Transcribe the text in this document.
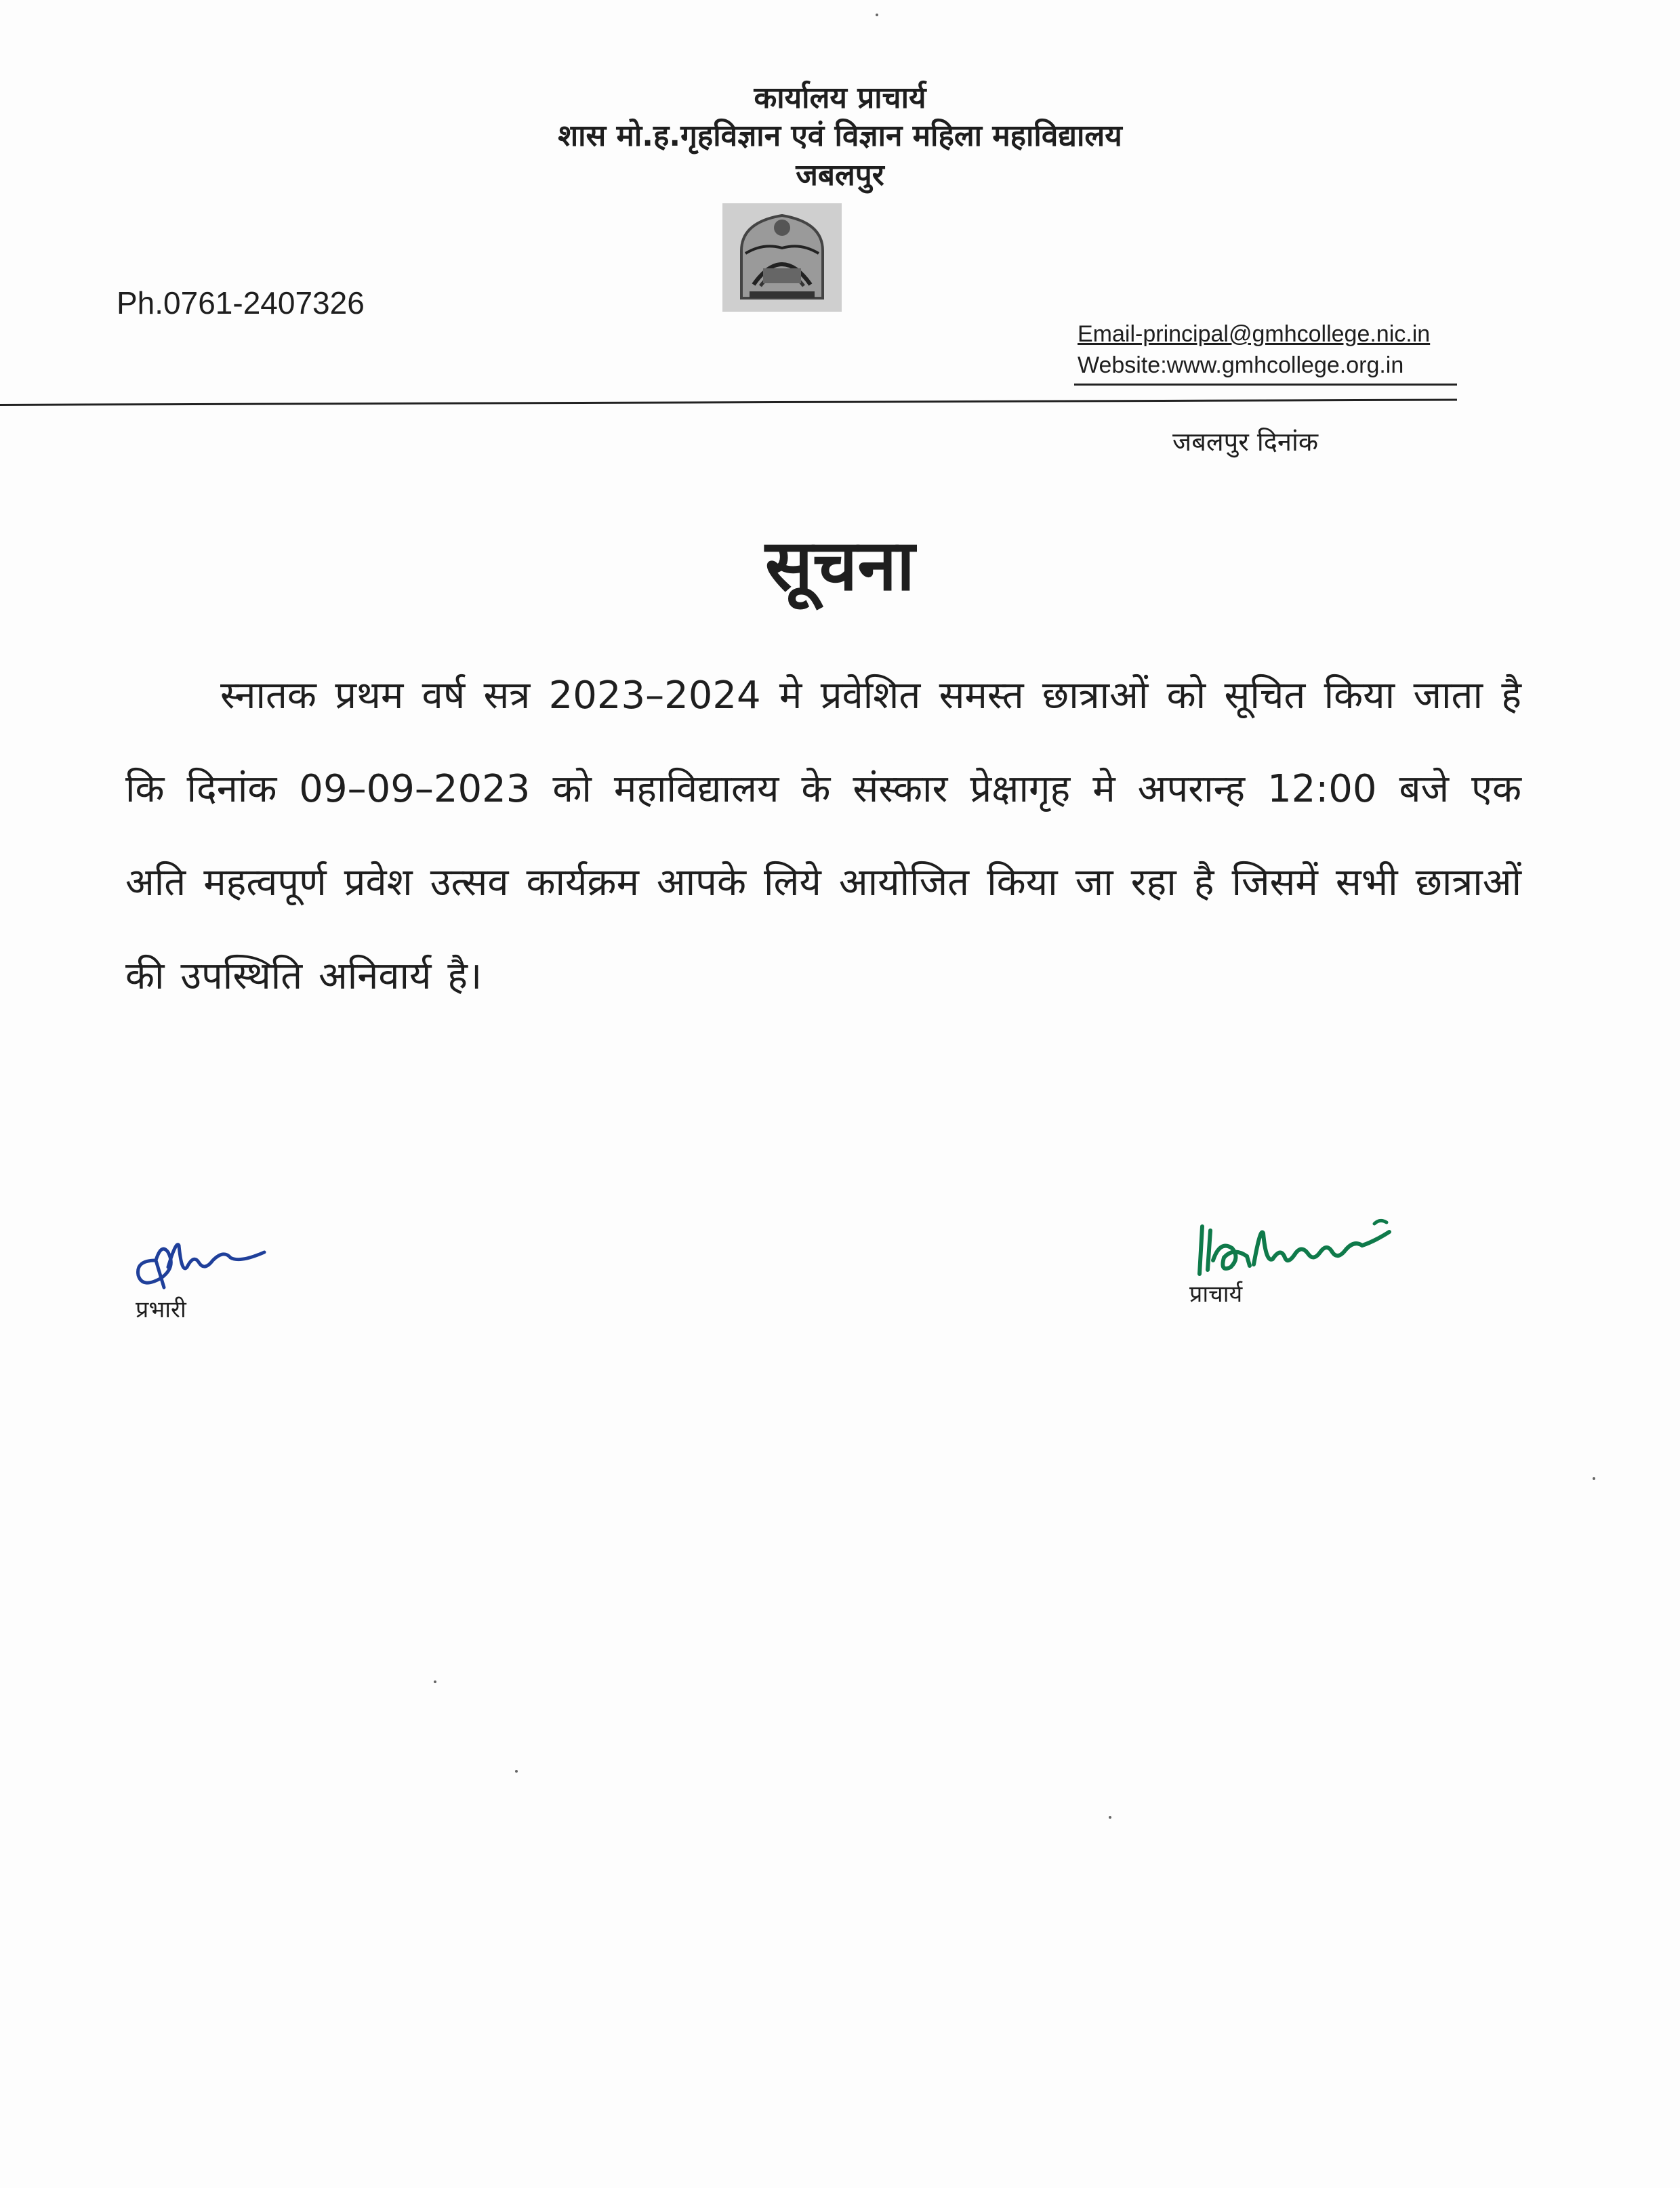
कार्यालय प्राचार्य
शास मो.ह.गृहविज्ञान एवं विज्ञान महिला महाविद्यालय
जबलपुर
Ph.0761-2407326
Email-principal@gmhcollege.nic.in
Website:www.gmhcollege.org.in
जबलपुर दिनांक
सूचना
स्नातक प्रथम वर्ष सत्र 2023–2024 मे प्रवेशित समस्त छात्राओं को सूचित किया जाता है कि दिनांक 09–09–2023 को महाविद्यालय के संस्कार प्रेक्षागृह मे अपरान्ह 12:00 बजे एक अति महत्वपूर्ण प्रवेश उत्सव कार्यक्रम आपके लिये आयोजित किया जा रहा है जिसमें सभी छात्राओं की उपस्थिति अनिवार्य है।
प्रभारी
प्राचार्य
